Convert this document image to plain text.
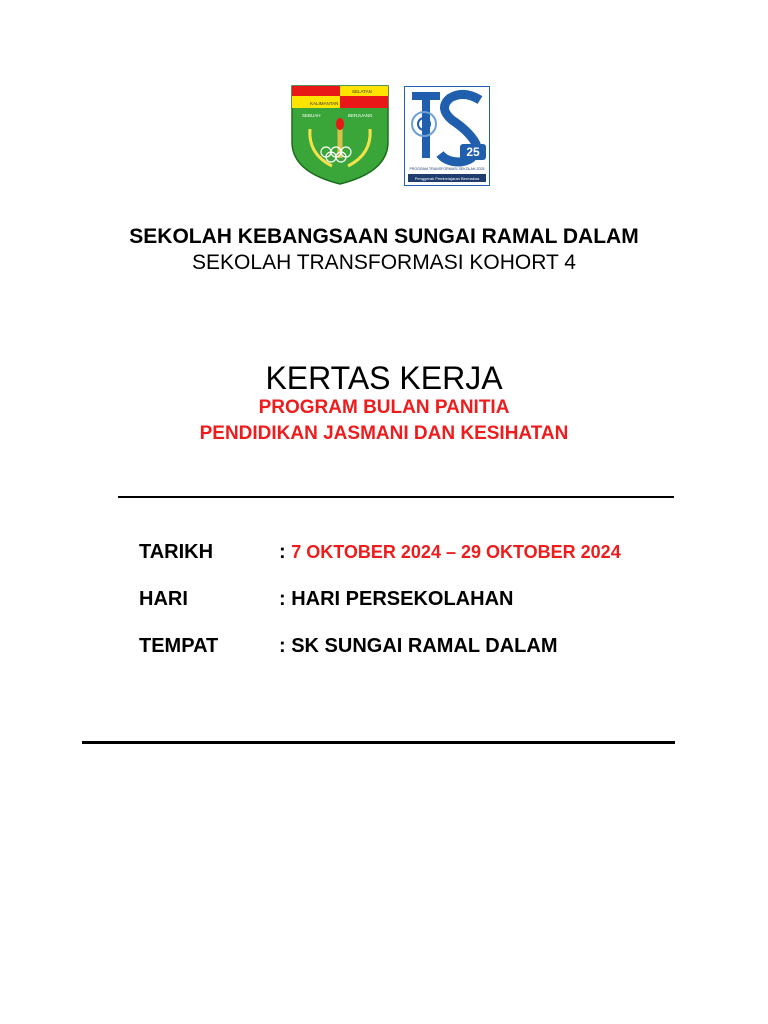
KALIMANTAN
SELATAN
SEBUAH	BERJUANG
25
PROGRAM TRANSFORMASI SEKOLAH 2025
Penggerak Pembelajaran Bermakna
SEKOLAH KEBANGSAAN SUNGAI RAMAL DALAM
SEKOLAH TRANSFORMASI KOHORT 4
KERTAS KERJA
PROGRAM BULAN PANITIA
PENDIDIKAN JASMANI DAN KESIHATAN
TARIKH	: 7 OKTOBER 2024 – 29 OKTOBER 2024
HARI	: HARI PERSEKOLAHAN
TEMPAT	: SK SUNGAI RAMAL DALAM
